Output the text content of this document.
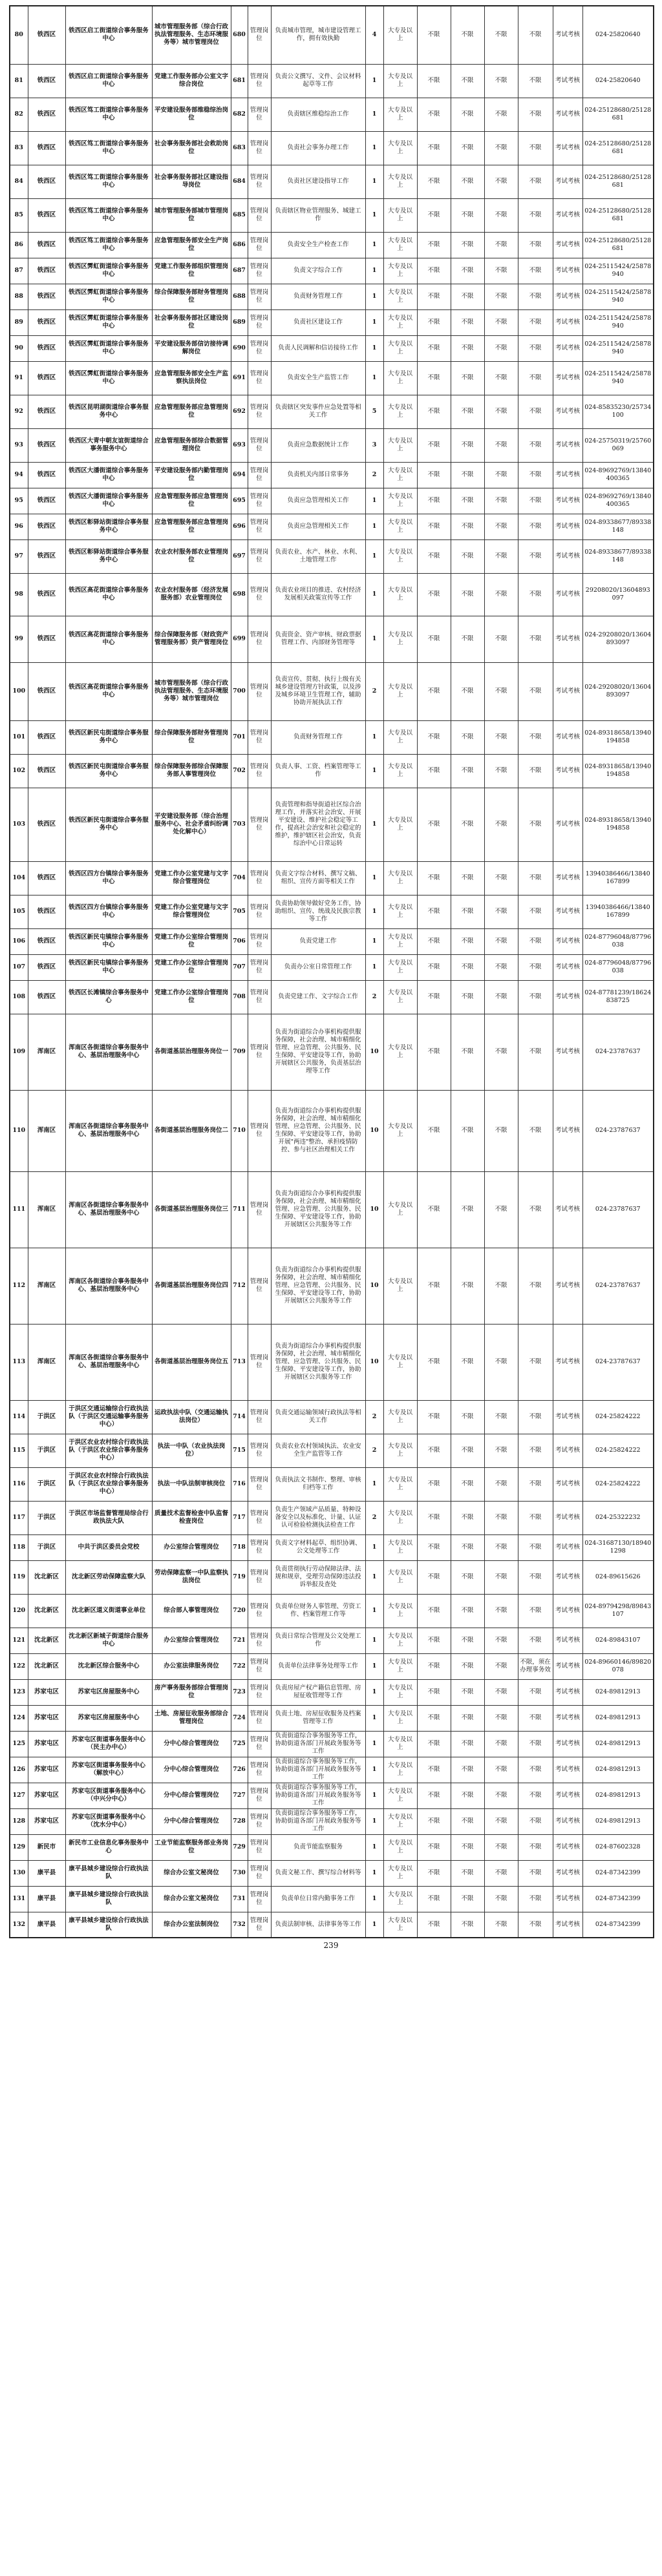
80	铁西区	铁西区启工街道综合事务服务中心	城市管理服务部（综合行政执法管理服务、生态环境服务等）城市管理岗位	680	管理岗位	负责城市管理，城市建设管理工作，拥有效执勤	4	大专及以上	不限	不限	不限	不限	考试考核	024-25820640
81	铁西区	铁西区启工街道综合事务服务中心	党建工作服务部办公室文字综合岗位	681	管理岗位	负责公文撰写、文件、会议材料起草等工作	1	大专及以上	不限	不限	不限	不限	考试考核	024-25820640
82	铁西区	铁西区笃工街道综合事务服务中心	平安建设服务部维稳综治岗位	682	管理岗位	负责辖区维稳综治工作	1	大专及以上	不限	不限	不限	不限	考试考核	024-25128680/25128681
83	铁西区	铁西区笃工街道综合事务服务中心	社会事务服务部社会救助岗位	683	管理岗位	负责社会事务办理工作	1	大专及以上	不限	不限	不限	不限	考试考核	024-25128680/25128681
84	铁西区	铁西区笃工街道综合事务服务中心	社会事务服务部社区建设指导岗位	684	管理岗位	负责社区建设指导工作	1	大专及以上	不限	不限	不限	不限	考试考核	024-25128680/25128681
85	铁西区	铁西区笃工街道综合事务服务中心	城市管理服务部城市管理岗位	685	管理岗位	负责辖区物业管理服务、城建工作	1	大专及以上	不限	不限	不限	不限	考试考核	024-25128680/25128681
86	铁西区	铁西区笃工街道综合事务服务中心	应急管理服务部安全生产岗位	686	管理岗位	负责安全生产检查工作	1	大专及以上	不限	不限	不限	不限	考试考核	024-25128680/25128681
87	铁西区	铁西区霁虹街道综合事务服务中心	党建工作服务部组织管理岗位	687	管理岗位	负责文字综合工作	1	大专及以上	不限	不限	不限	不限	考试考核	024-25115424/25878940
88	铁西区	铁西区霁虹街道综合事务服务中心	综合保障服务部财务管理岗位	688	管理岗位	负责财务管理工作	1	大专及以上	不限	不限	不限	不限	考试考核	024-25115424/25878940
89	铁西区	铁西区霁虹街道综合事务服务中心	社会事务服务部社区建设岗位	689	管理岗位	负责社区建设工作	1	大专及以上	不限	不限	不限	不限	考试考核	024-25115424/25878940
90	铁西区	铁西区霁虹街道综合事务服务中心	平安建设服务部信访接待调解岗位	690	管理岗位	负责人民调解和信访接待工作	1	大专及以上	不限	不限	不限	不限	考试考核	024-25115424/25878940
91	铁西区	铁西区霁虹街道综合事务服务中心	应急管理服务部安全生产监察执法岗位	691	管理岗位	负责安全生产监管工作	1	大专及以上	不限	不限	不限	不限	考试考核	024-25115424/25878940
92	铁西区	铁西区昆明湖街道综合事务服务中心	应急管理服务部应急管理岗位	692	管理岗位	负责辖区突发事件应急处置等相关工作	5	大专及以上	不限	不限	不限	不限	考试考核	024-85835230/25734100
93	铁西区	铁西区大青中朝友谊街道综合事务服务中心	应急管理服务部综合数据管理岗位	693	管理岗位	负责应急数据统计工作	3	大专及以上	不限	不限	不限	不限	考试考核	024-25750319/25760069
94	铁西区	铁西区大潘街道综合事务服务中心	平安建设服务部内勤管理岗位	694	管理岗位	负责机关内部日常事务	2	大专及以上	不限	不限	不限	不限	考试考核	024-89692769/13840400365
95	铁西区	铁西区大潘街道综合事务服务中心	应急管理服务部应急管理岗位	695	管理岗位	负责应急管理相关工作	1	大专及以上	不限	不限	不限	不限	考试考核	024-89692769/13840400365
96	铁西区	铁西区彰驿站街道综合事务服务中心	应急管理服务部应急管理岗位	696	管理岗位	负责应急管理相关工作	1	大专及以上	不限	不限	不限	不限	考试考核	024-89338677/89338148
97	铁西区	铁西区彰驿站街道综合事务服务中心	农业农村服务部农业管理岗位	697	管理岗位	负责农业、水产、林业、水利、土地管理工作	1	大专及以上	不限	不限	不限	不限	考试考核	024-89338677/89338148
98	铁西区	铁西区高花街道综合事务服务中心	农业农村服务部（经济发展服务部）农业管理岗位	698	管理岗位	负责农业项目的推进、农村经济发展相关政策宣传等工作	1	大专及以上	不限	不限	不限	不限	考试考核	29208020/13604893097
99	铁西区	铁西区高花街道综合事务服务中心	综合保障服务部（财政资产管理服务部）资产管理岗位	699	管理岗位	负责资金、资产审核、财政票据管理工作、内部财务管理等	1	大专及以上	不限	不限	不限	不限	考试考核	024-29208020/13604893097
100	铁西区	铁西区高花街道综合事务服务中心	城市管理服务部（综合行政执法管理服务、生态环境服务等）城市管理岗位	700	管理岗位	负责宣传、贯彻、执行上级有关城乡建设管理方针政策，以及涉及城乡环境卫生管理工作，辅助协助开展执法工作	2	大专及以上	不限	不限	不限	不限	考试考核	024-29208020/13604893097
101	铁西区	铁西区新民屯街道综合事务服务中心	综合保障服务部财务管理岗位	701	管理岗位	负责财务管理工作	1	大专及以上	不限	不限	不限	不限	考试考核	024-89318658/13940194858
102	铁西区	铁西区新民屯街道综合事务服务中心	综合保障服务部综合保障服务部人事管理岗位	702	管理岗位	负责人事、工资、档案管理等工作	1	大专及以上	不限	不限	不限	不限	考试考核	024-89318658/13940194858
103	铁西区	铁西区新民屯街道综合事务服务中心	平安建设服务部（综合治理服务中心、社会矛盾纠纷调处化解中心）	703	管理岗位	负责管理和指导街道社区综合治理工作，并落实社会治安、开展平安建设、维护社会稳定等工作，提高社会治安和社会稳定的维护，维护辖区社会治安，负责综治中心日常运转	1	大专及以上	不限	不限	不限	不限	考试考核	024-89318658/13940194858
104	铁西区	铁西区四方台镇综合事务服务中心	党建工作办公室党建与文字综合管理岗位	704	管理岗位	负责文字综合材料、撰写文稿、组织、宣传方面等相关工作	1	大专及以上	不限	不限	不限	不限	考试考核	13940386466/13840167899
105	铁西区	铁西区四方台镇综合事务服务中心	党建工作办公室党建与文字综合管理岗位	705	管理岗位	负责协助领导做好党务工作，协助组织、宣传、统战及民族宗教等工作	1	大专及以上	不限	不限	不限	不限	考试考核	13940386466/13840167899
106	铁西区	铁西区新民屯镇综合事务服务中心	党建工作办公室综合管理岗位	706	管理岗位	负责党建工作	1	大专及以上	不限	不限	不限	不限	考试考核	024-87796048/87796038
107	铁西区	铁西区新民屯镇综合事务服务中心	党建工作办公室综合管理岗位	707	管理岗位	负责办公室日常管理工作	1	大专及以上	不限	不限	不限	不限	考试考核	024-87796048/87796038
108	铁西区	铁西区长滩镇综合事务服务中心	党建工作办公室综合管理岗位	708	管理岗位	负责党建工作、文字综合工作	2	大专及以上	不限	不限	不限	不限	考试考核	024-87781239/18624838725
109	浑南区	浑南区各街道综合事务服务中心、基层治理服务中心	各街道基层治理服务岗位一	709	管理岗位	负责为街道综合办事机构提供服务保障，社会治理、城市精细化管理、应急管理、公共服务、民生保障、平安建设等工作，协助开展辖区公共服务，负责基层治理等工作	10	大专及以上	不限	不限	不限	不限	考试考核	024-23787637
110	浑南区	浑南区各街道综合事务服务中心、基层治理服务中心	各街道基层治理服务岗位二	710	管理岗位	负责为街道综合办事机构提供服务保障，社会治理、城市精细化管理、应急管理、公共服务、民生保障、平安建设等工作，协助开展"两违"整治、承担疫情防控、参与社区治理相关工作	10	大专及以上	不限	不限	不限	不限	考试考核	024-23787637
111	浑南区	浑南区各街道综合事务服务中心、基层治理服务中心	各街道基层治理服务岗位三	711	管理岗位	负责为街道综合办事机构提供服务保障，社会治理、城市精细化管理、应急管理、公共服务、民生保障、平安建设等工作，协助开展辖区公共服务等工作	10	大专及以上	不限	不限	不限	不限	考试考核	024-23787637
112	浑南区	浑南区各街道综合事务服务中心、基层治理服务中心	各街道基层治理服务岗位四	712	管理岗位	负责为街道综合办事机构提供服务保障，社会治理、城市精细化管理、应急管理、公共服务、民生保障、平安建设等工作，协助开展辖区公共服务等工作	10	大专及以上	不限	不限	不限	不限	考试考核	024-23787637
113	浑南区	浑南区各街道综合事务服务中心、基层治理服务中心	各街道基层治理服务岗位五	713	管理岗位	负责为街道综合办事机构提供服务保障，社会治理、城市精细化管理、应急管理、公共服务、民生保障、平安建设等工作，协助开展辖区公共服务等工作	10	大专及以上	不限	不限	不限	不限	考试考核	024-23787637
114	于洪区	于洪区交通运输综合行政执法队（于洪区交通运输事务服务中心）	运政执法中队（交通运输执法岗位）	714	管理岗位	负责交通运输领域行政执法等相关工作	2	大专及以上	不限	不限	不限	不限	考试考核	024-25824222
115	于洪区	于洪区农业农村综合行政执法队（于洪区农业综合事务服务中心）	执法一中队（农业执法岗位）	715	管理岗位	负责农业农村领域执法、农业安全生产监管等工作	2	大专及以上	不限	不限	不限	不限	考试考核	024-25824222
116	于洪区	于洪区农业农村综合行政执法队（于洪区农业综合事务服务中心）	执法一中队法制审核岗位	716	管理岗位	负责执法文书制作、整理、审核归档等工作	1	大专及以上	不限	不限	不限	不限	考试考核	024-25824222
117	于洪区	于洪区市场监督管理局综合行政执法大队	质量技术监督检查中队监督检查岗位	717	管理岗位	负责生产领域产品质量、特种设备安全以及标准化、计量、认证认可检验检测执法检查工作	2	大专及以上	不限	不限	不限	不限	考试考核	024-25322232
118	于洪区	中共于洪区委员会党校	办公室综合管理岗位	718	管理岗位	负责文字材料起草、组织协调、公文处理等工作	1	大专及以上	不限	不限	不限	不限	考试考核	024-31687130/189401298
119	沈北新区	沈北新区劳动保障监察大队	劳动保障监察一中队监察执法岗位	719	管理岗位	负责贯彻执行劳动保障法律、法规和规章，受理劳动保障违法投诉举报及查处	1	大专及以上	不限	不限	不限	不限	考试考核	024-89615626
120	沈北新区	沈北新区道义街道事业单位	综合部人事管理岗位	720	管理岗位	负责单位财务人事管理、劳资工作、档案管理工作等	1	大专及以上	不限	不限	不限	不限	考试考核	024-89794298/89843107
121	沈北新区	沈北新区新城子街道综合服务中心	办公室综合管理岗位	721	管理岗位	负责日常综合管理及公文处理工作	1	大专及以上	不限	不限	不限	不限	考试考核	024-89843107
122	沈北新区	沈北新区综合服务中心	办公室法律服务岗位	722	管理岗位	负责单位法律事务处理等工作	1	大专及以上	不限	不限	不限	不限，须在办理事务效	考试考核	024-89660146/89820078
123	苏家屯区	苏家屯区房屋服务中心	房产事务服务部综合管理岗位	723	管理岗位	负责房屋产权产籍信息管理、房屋征收管理等工作	1	大专及以上	不限	不限	不限	不限	考试考核	024-89812913
124	苏家屯区	苏家屯区房屋服务中心	土地、房屋征收服务部综合管理岗位	724	管理岗位	负责土地、房屋征收服务及档案管理等工作	1	大专及以上	不限	不限	不限	不限	考试考核	024-89812913
125	苏家屯区	苏家屯区街道事务服务中心（民主办中心）	分中心综合管理岗位	725	管理岗位	负责街道综合事务服务等工作，协助街道各部门开展政务服务等工作	1	大专及以上	不限	不限	不限	不限	考试考核	024-89812913
126	苏家屯区	苏家屯区街道事务服务中心（解放中心）	分中心综合管理岗位	726	管理岗位	负责街道综合事务服务等工作，协助街道各部门开展政务服务等工作	1	大专及以上	不限	不限	不限	不限	考试考核	024-89812913
127	苏家屯区	苏家屯区街道事务服务中心（中兴分中心）	分中心综合管理岗位	727	管理岗位	负责街道综合事务服务等工作，协助街道各部门开展政务服务等工作	1	大专及以上	不限	不限	不限	不限	考试考核	024-89812913
128	苏家屯区	苏家屯区街道事务服务中心（沈水分中心）	分中心综合管理岗位	728	管理岗位	负责街道综合事务服务等工作，协助街道各部门开展政务服务等工作	1	大专及以上	不限	不限	不限	不限	考试考核	024-89812913
129	新民市	新民市工业信息化事务服务中心	工业节能监察服务部业务岗位	729	管理岗位	负责节能监察服务	1	大专及以上	不限	不限	不限	不限	考试考核	024-87602328
130	康平县	康平县城乡建设综合行政执法队	综合办公室文秘岗位	730	管理岗位	负责文秘工作、撰写综合材料等	1	大专及以上	不限	不限	不限	不限	考试考核	024-87342399
131	康平县	康平县城乡建设综合行政执法队	综合办公室文秘岗位	731	管理岗位	负责单位日常内勤事务工作	1	大专及以上	不限	不限	不限	不限	考试考核	024-87342399
132	康平县	康平县城乡建设综合行政执法队	综合办公室法制岗位	732	管理岗位	负责法制审核、法律事务等工作	1	大专及以上	不限	不限	不限	不限	考试考核	024-87342399
239
